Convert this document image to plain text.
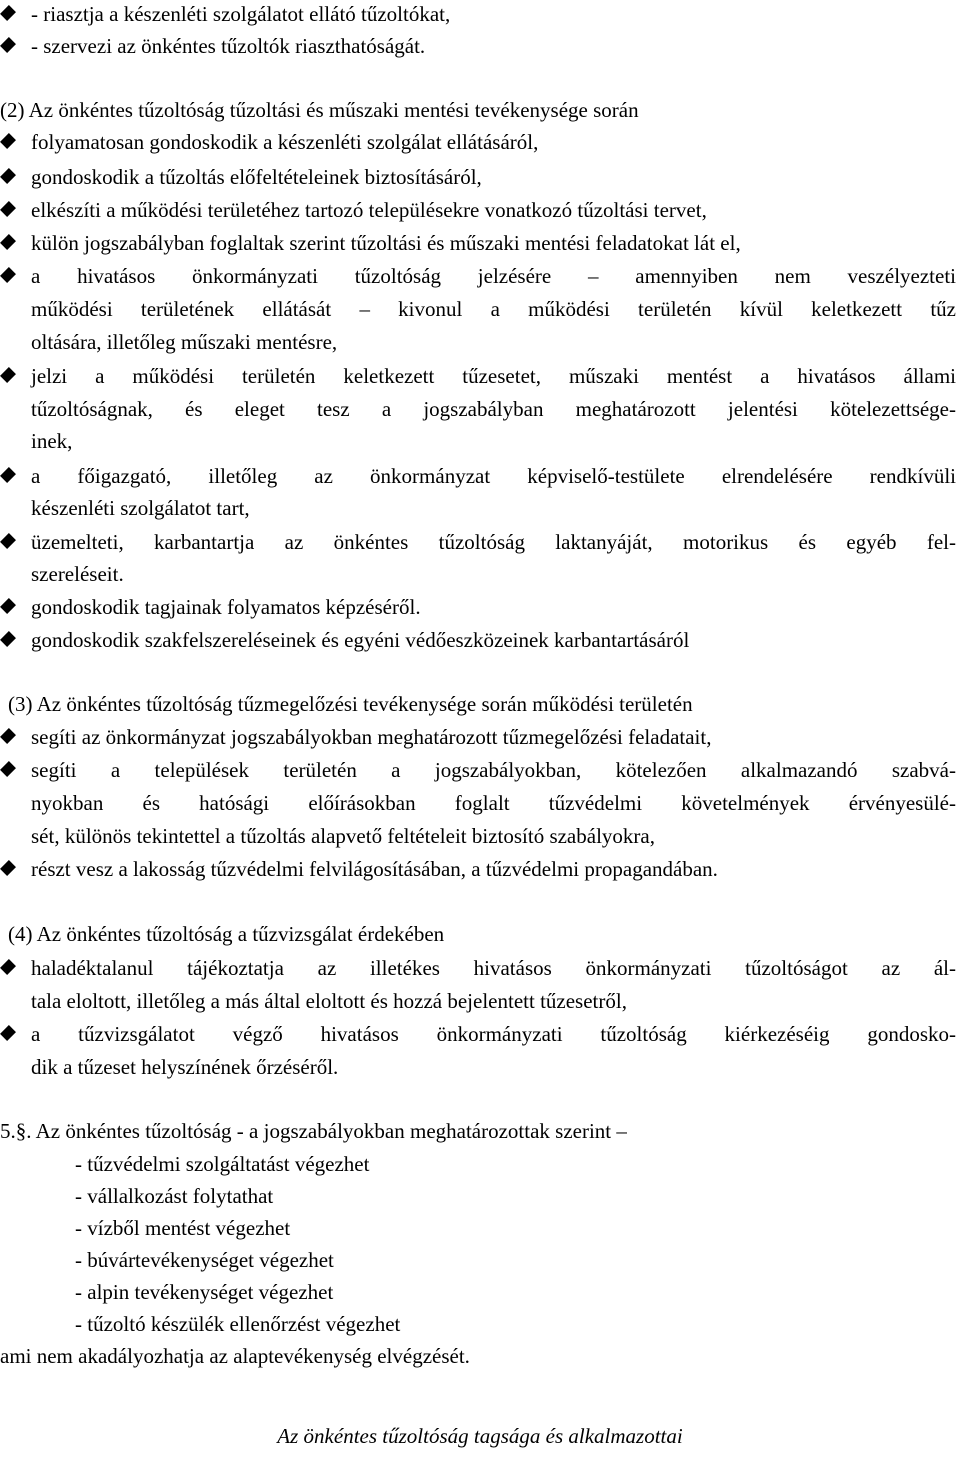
- riasztja a készenléti szolgálatot ellátó tűzoltókat,
- szervezi az önkéntes tűzoltók riaszthatóságát.
(2) Az önkéntes tűzoltóság tűzoltási és műszaki mentési tevékenysége során
folyamatosan gondoskodik a készenléti szolgálat ellátásáról,
gondoskodik a tűzoltás előfeltételeinek biztosításáról,
elkészíti a működési területéhez tartozó településekre vonatkozó tűzoltási tervet,
külön jogszabályban foglaltak szerint tűzoltási és műszaki mentési feladatokat lát el,
a hivatásos önkormányzati tűzoltóság jelzésére – amennyiben nem veszélyezteti
működési területének ellátását – kivonul a működési területén kívül keletkezett tűz
oltására, illetőleg műszaki mentésre,
jelzi a működési területén keletkezett tűzesetet, műszaki mentést a hivatásos állami
tűzoltóságnak, és eleget tesz a jogszabályban meghatározott jelentési kötelezettsége-
inek,
a főigazgató, illetőleg az önkormányzat képviselő-testülete elrendelésére rendkívüli
készenléti szolgálatot tart,
üzemelteti, karbantartja az önkéntes tűzoltóság laktanyáját, motorikus és egyéb fel-
szereléseit.
gondoskodik tagjainak folyamatos képzéséről.
gondoskodik szakfelszereléseinek és egyéni védőeszközeinek karbantartásáról
(3) Az önkéntes tűzoltóság tűzmegelőzési tevékenysége során működési területén
segíti az önkormányzat jogszabályokban meghatározott tűzmegelőzési feladatait,
segíti a települések területén a jogszabályokban, kötelezően alkalmazandó szabvá-
nyokban és hatósági előírásokban foglalt tűzvédelmi követelmények érvényesülé-
sét, különös tekintettel a tűzoltás alapvető feltételeit biztosító szabályokra,
részt vesz a lakosság tűzvédelmi felvilágosításában, a tűzvédelmi propagandában.
(4) Az önkéntes tűzoltóság a tűzvizsgálat érdekében
haladéktalanul tájékoztatja az illetékes hivatásos önkormányzati tűzoltóságot az ál-
tala eloltott, illetőleg a más által eloltott és hozzá bejelentett tűzesetről,
a tűzvizsgálatot végző hivatásos önkormányzati tűzoltóság kiérkezéséig gondosko-
dik a tűzeset helyszínének őrzéséről.
5.§. Az önkéntes tűzoltóság - a jogszabályokban meghatározottak szerint –
- tűzvédelmi szolgáltatást végezhet
- vállalkozást folytathat
- vízből mentést végezhet
- búvártevékenységet végezhet
- alpin tevékenységet végezhet
- tűzoltó készülék ellenőrzést végezhet
ami nem akadályozhatja az alaptevékenység elvégzését.
Az önkéntes tűzoltóság tagsága és alkalmazottai
